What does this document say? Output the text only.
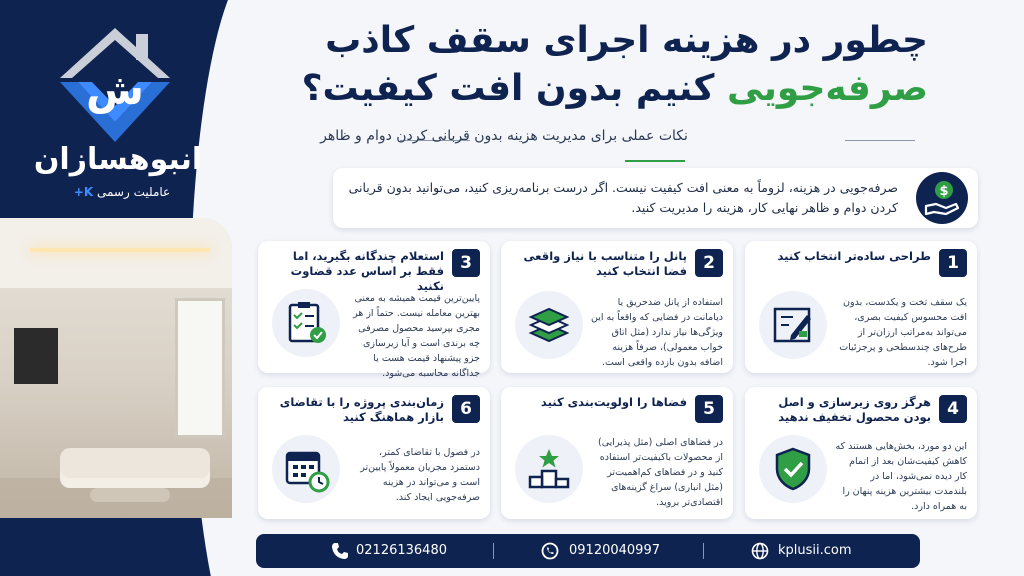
ش
انبوهسازان
عاملیت رسمی K+
چطور در هزینه اجرای سقف کاذب
صرفه‌جویی کنیم بدون افت کیفیت؟
نکات عملی برای مدیریت هزینه بدون قربانی کردن دوام و ظاهر
$
صرفه‌جویی در هزینه، لزوماً به معنی افت کیفیت نیست. اگر درست برنامه‌ریزی کنید، می‌توانید بدون قربانی کردن دوام و ظاهر نهایی کار، هزینه را مدیریت کنید.
1
طراحی ساده‌تر انتخاب کنید
یک سقف تخت و یکدست، بدون افت محسوس کیفیت بصری، می‌تواند به‌مراتب ارزان‌تر از طرح‌های چندسطحی و پرجزئیات اجرا شود.
2
پانل را متناسب با نیاز واقعی فضا انتخاب کنید
استفاده از پانل ضدحریق یا دیامانت در فضایی که واقعاً به این ویژگی‌ها نیاز ندارد (مثل اتاق خواب معمولی)، صرفاً هزینه اضافه بدون بازده واقعی است.
3
استعلام چندگانه بگیرید، اما فقط بر اساس عدد قضاوت نکنید
پایین‌ترین قیمت همیشه به معنی بهترین معامله نیست. حتماً از هر مجری بپرسید محصول مصرفی چه برندی است و آیا زیرسازی جزو پیشنهاد قیمت هست یا جداگانه محاسبه می‌شود.
4
هرگز روی زیرسازی و اصل بودن محصول تخفیف ندهید
این دو مورد، بخش‌هایی هستند که کاهش کیفیت‌شان بعد از اتمام کار دیده نمی‌شود، اما در بلندمدت بیشترین هزینه پنهان را به همراه دارد.
5
فضاها را اولویت‌بندی کنید
در فضاهای اصلی (مثل پذیرایی) از محصولات باکیفیت‌تر استفاده کنید و در فضاهای کم‌اهمیت‌تر (مثل انباری) سراغ گزینه‌های اقتصادی‌تر بروید.
6
زمان‌بندی پروژه را با تقاضای بازار هماهنگ کنید
در فصول با تقاضای کمتر، دستمزد مجریان معمولاً پایین‌تر است و می‌تواند در هزینه صرفه‌جویی ایجاد کند.
02126136480	09120040997	kplusii.com
